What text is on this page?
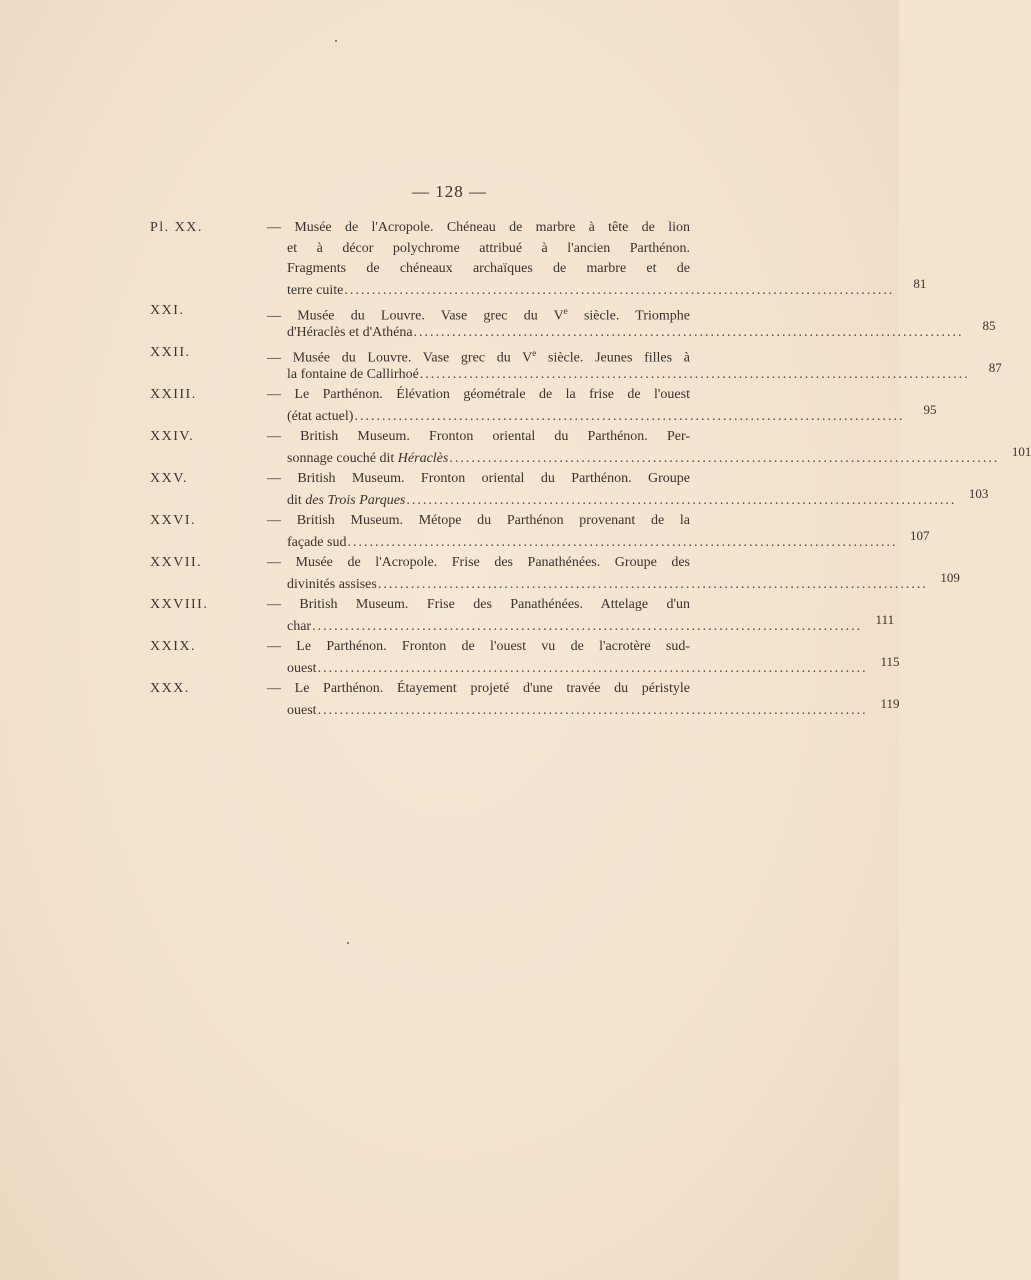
— 128 —
Pl. XX.	— Musée de l'Acropole. Chéneau de marbre à tête de lion
et à décor polychrome attribué à l'ancien Parthénon.
Fragments de chéneaux archaïques de marbre et de
terre cuite ....................................................................................................	81
XXI.	— Musée du Louvre. Vase grec du Ve siècle. Triomphe
d'Héraclès et d'Athéna ....................................................................................................	85
XXII.	— Musée du Louvre. Vase grec du Ve siècle. Jeunes filles à
la fontaine de Callirhoé ....................................................................................................	87
XXIII.	— Le Parthénon. Élévation géométrale de la frise de l'ouest
(état actuel) ....................................................................................................	95
XXIV.	— British Museum. Fronton oriental du Parthénon. Per-
sonnage couché dit Héraclès .................................................................................................... 101
XXV.	— British Museum. Fronton oriental du Parthénon. Groupe
dit des Trois Parques .................................................................................................... 103
XXVI.	— British Museum. Métope du Parthénon provenant de la
façade sud .................................................................................................... 107
XXVII.	— Musée de l'Acropole. Frise des Panathénées. Groupe des
divinités assises .................................................................................................... 109
XXVIII.	— British Museum. Frise des Panathénées. Attelage d'un
char ....................................................................................................	111
XXIX.	— Le Parthénon. Fronton de l'ouest vu de l'acrotère sud-
ouest .................................................................................................... 115
XXX.	— Le Parthénon. Étayement projeté d'une travée du péristyle
ouest .................................................................................................... 119
